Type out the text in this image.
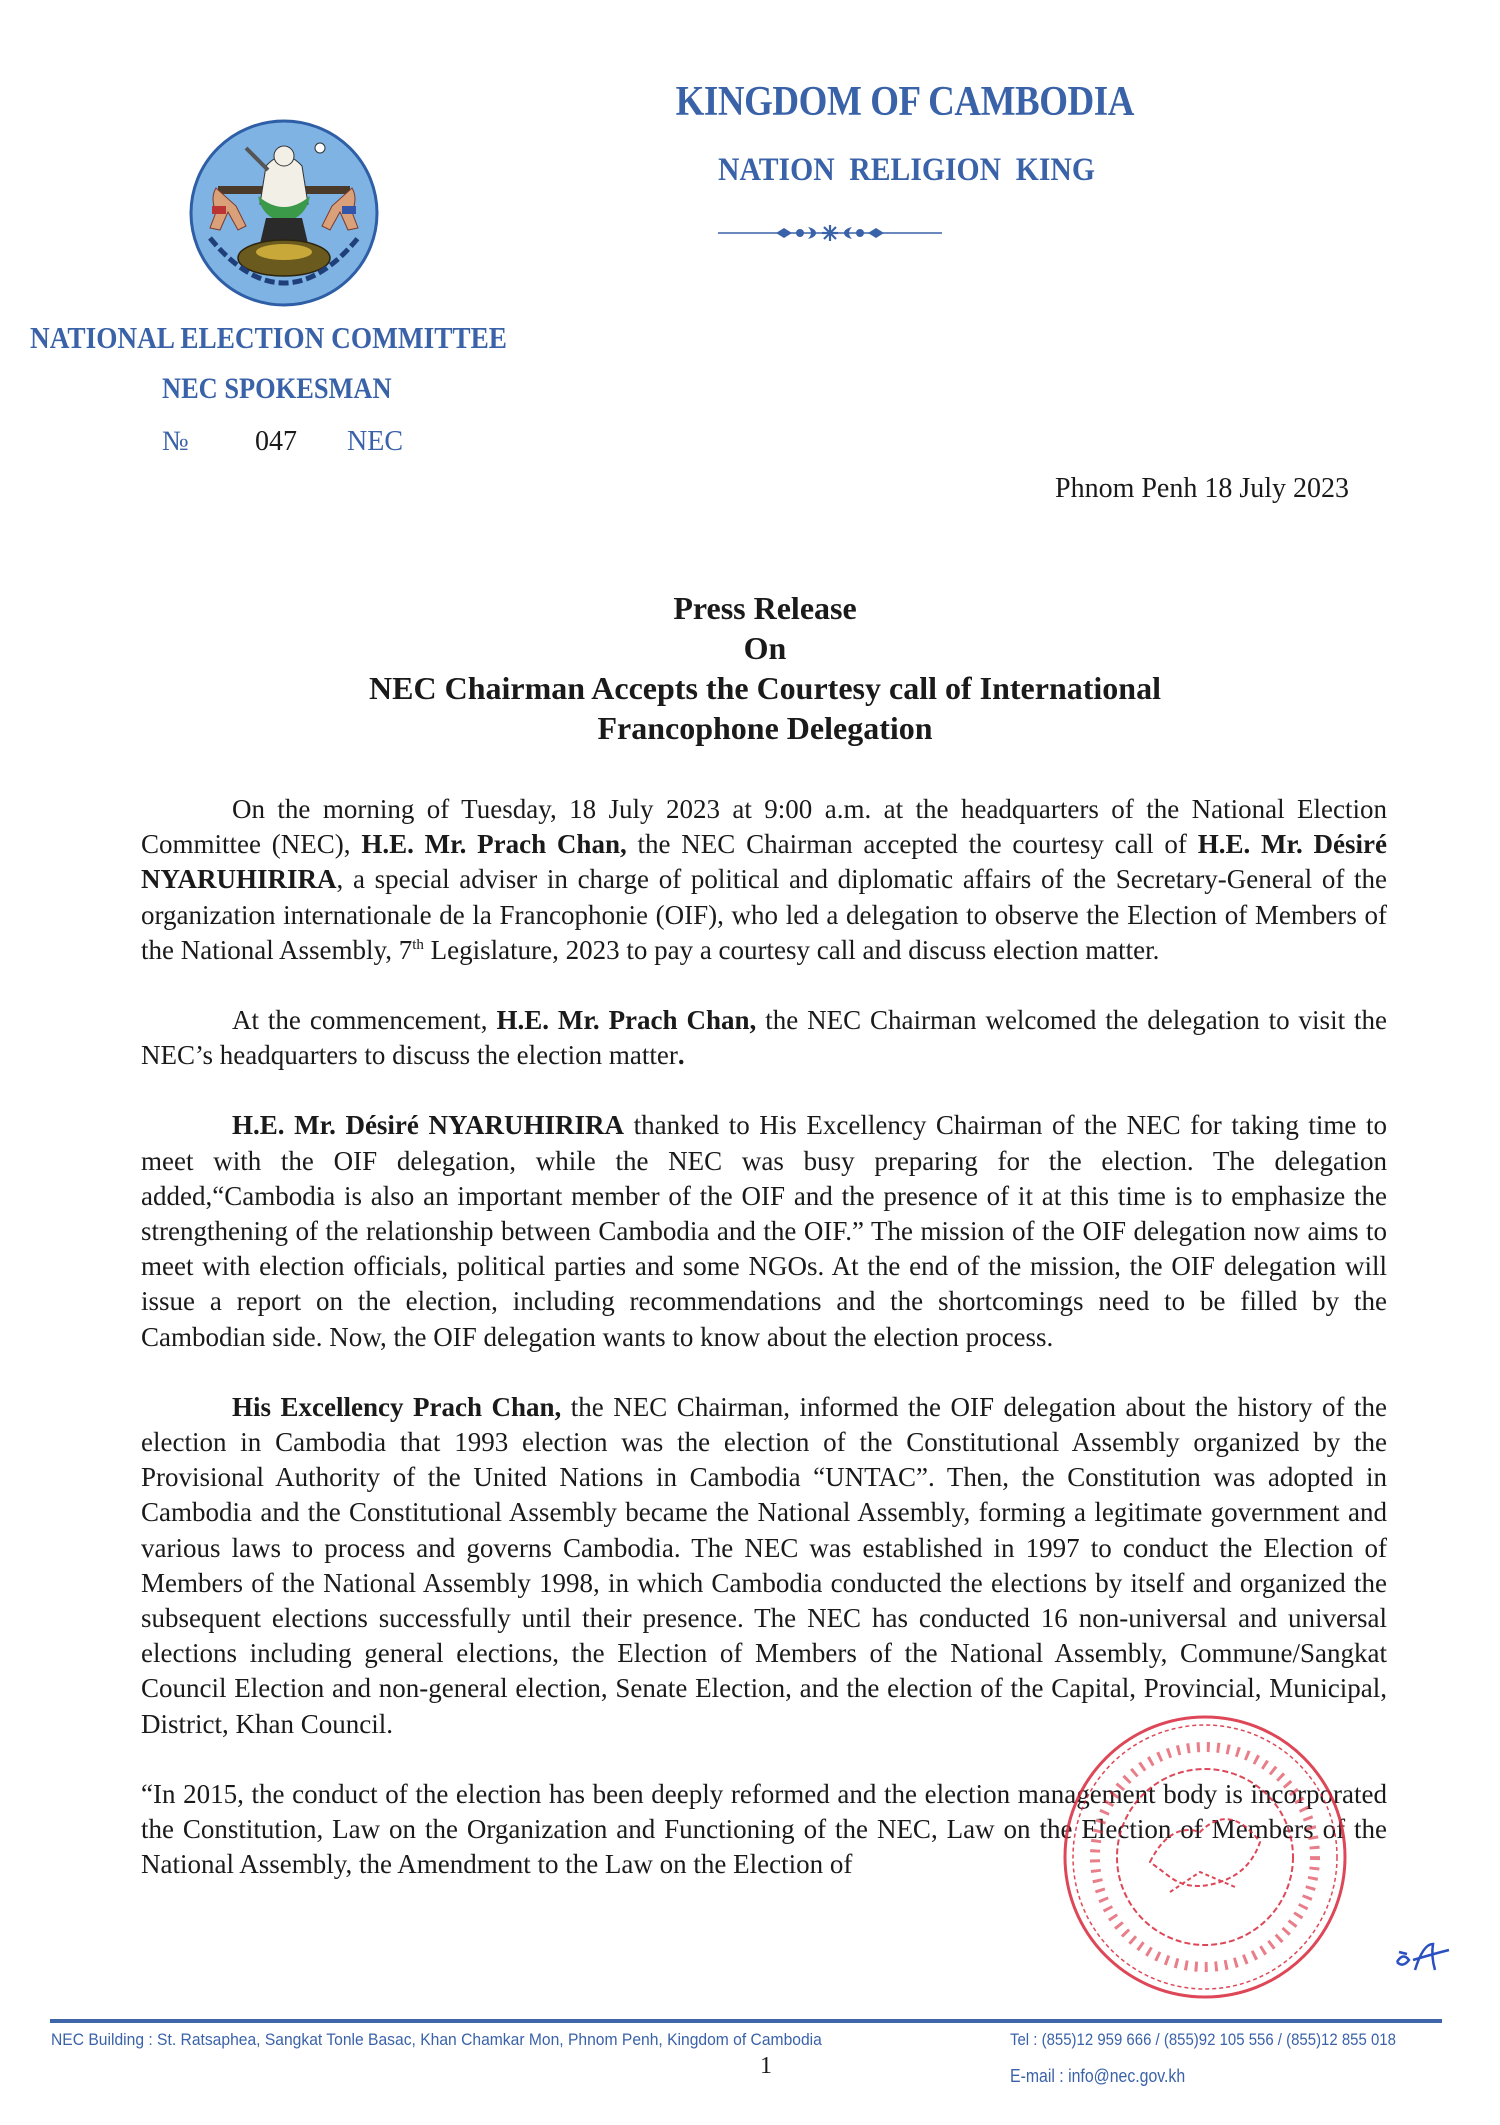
KINGDOM OF CAMBODIA
NATION RELIGION KING
NATIONAL ELECTION COMMITTEE
NEC SPOKESMAN
№ 047 NEC
Phnom Penh 18 July 2023
Press Release
On
NEC Chairman Accepts the Courtesy call of International
Francophone Delegation

On the morning of Tuesday, 18 July 2023 at 9:00 a.m. at the headquarters of the National Election Committee (NEC), H.E. Mr. Prach Chan, the NEC Chairman accepted the courtesy call of H.E. Mr. Désiré NYARUHIRIRA, a special adviser in charge of political and diplomatic affairs of the Secretary-General of the organization internationale de la Francophonie (OIF), who led a delegation to observe the Election of Members of the National Assembly, 7th Legislature, 2023 to pay a courtesy call and discuss election matter.

At the commencement, H.E. Mr. Prach Chan, the NEC Chairman welcomed the delegation to visit the NEC’s headquarters to discuss the election matter.

H.E. Mr. Désiré NYARUHIRIRA thanked to His Excellency Chairman of the NEC for taking time to meet with the OIF delegation, while the NEC was busy preparing for the election. The delegation added,“Cambodia is also an important member of the OIF and the presence of it at this time is to emphasize the strengthening of the relationship between Cambodia and the OIF.” The mission of the OIF delegation now aims to meet with election officials, political parties and some NGOs. At the end of the mission, the OIF delegation will issue a report on the election, including recommendations and the shortcomings need to be filled by the Cambodian side. Now, the OIF delegation wants to know about the election process.

His Excellency Prach Chan, the NEC Chairman, informed the OIF delegation about the history of the election in Cambodia that 1993 election was the election of the Constitutional Assembly organized by the Provisional Authority of the United Nations in Cambodia “UNTAC”. Then, the Constitution was adopted in Cambodia and the Constitutional Assembly became the National Assembly, forming a legitimate government and various laws to process and governs Cambodia. The NEC was established in 1997 to conduct the Election of Members of the National Assembly 1998, in which Cambodia conducted the elections by itself and organized the subsequent elections successfully until their presence. The NEC has conducted 16 non-universal and universal elections including general elections, the Election of Members of the National Assembly, Commune/Sangkat Council Election and non-general election, Senate Election, and the election of the Capital, Provincial, Municipal, District, Khan Council.

“In 2015, the conduct of the election has been deeply reformed and the election management body is incorporated the Constitution, Law on the Organization and Functioning of the NEC, Law on the Election of Members of the National Assembly, the Amendment to the Law on the Election of

NEC Building : St. Ratsaphea, Sangkat Tonle Basac, Khan Chamkar Mon, Phnom Penh, Kingdom of Cambodia	Tel : (855)12 959 666 / (855)92 105 556 / (855)12 855 018
E-mail : info@nec.gov.kh
1
